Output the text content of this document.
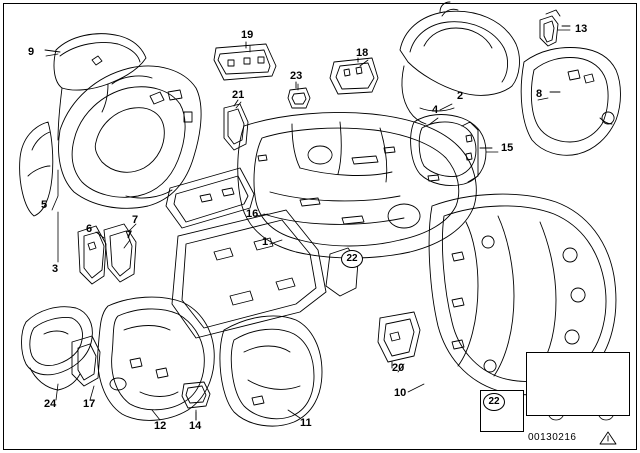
9
19
18
13
23
2	8
21
4
15
5
7	16
6	7
1
3
20
10
24 17
12 14	11
22
22
00130216
